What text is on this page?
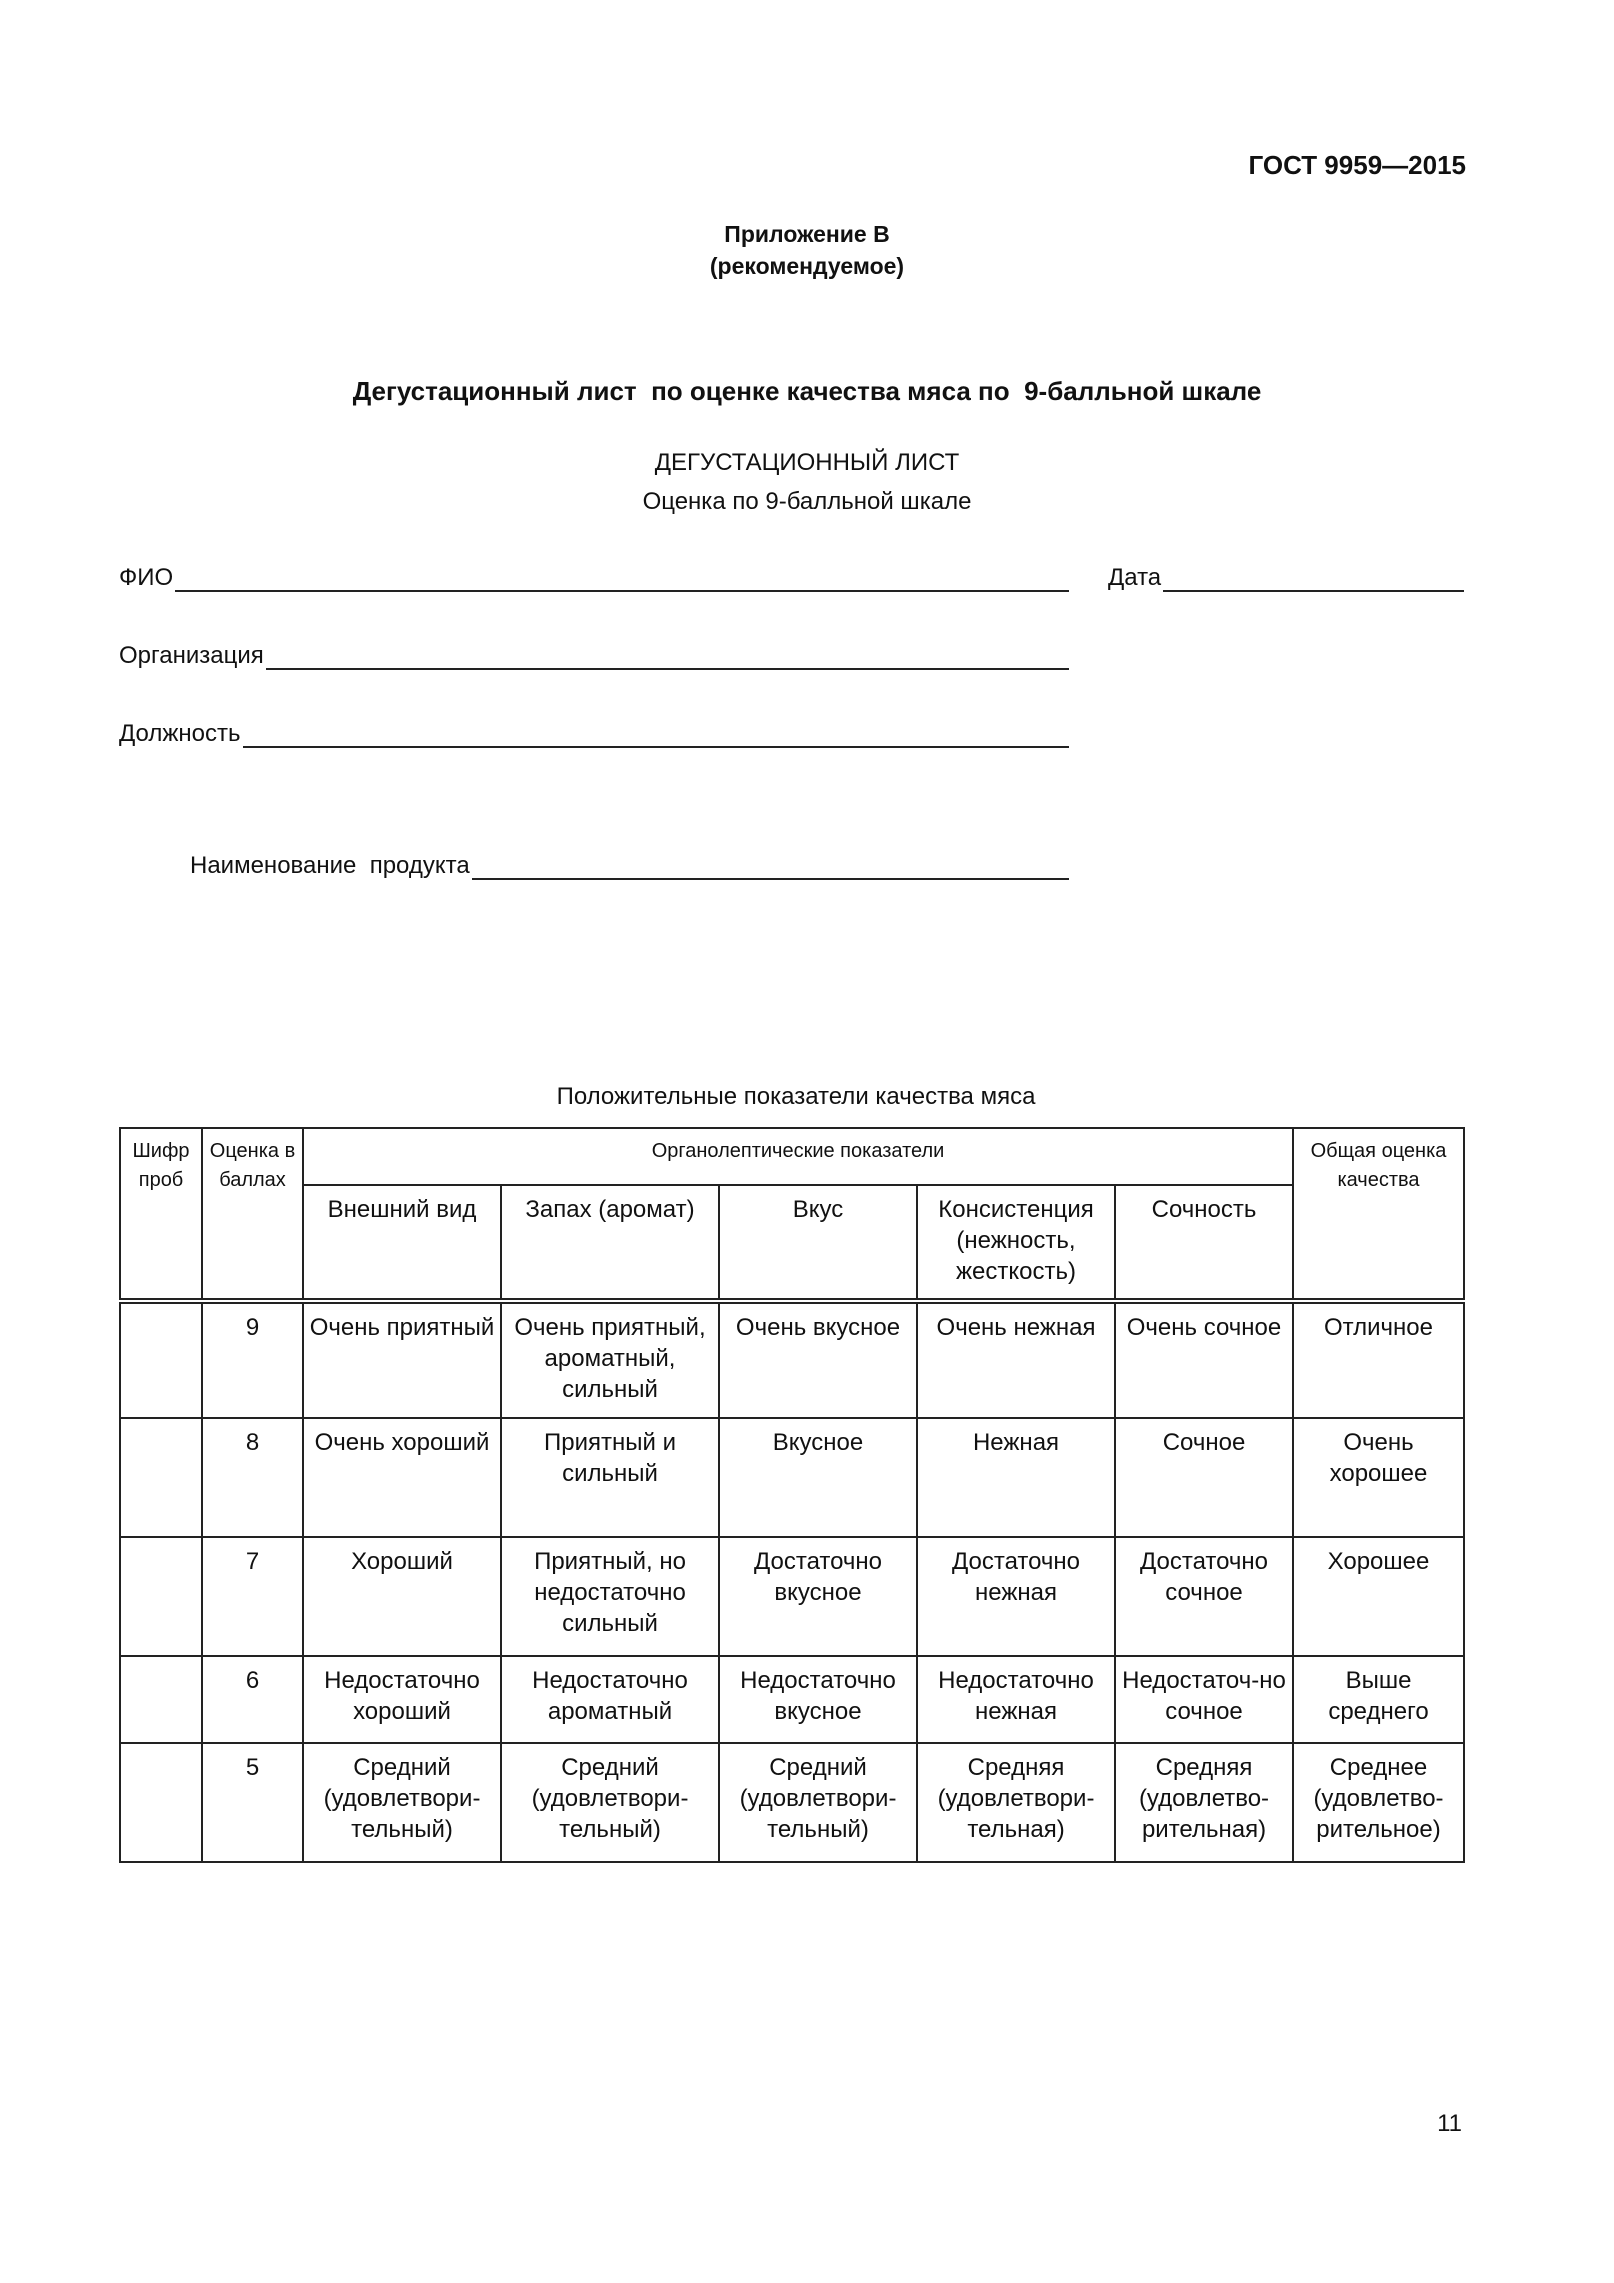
ГОСТ 9959—2015
Приложение В
(рекомендуемое)
Дегустационный лист  по оценке качества мяса по  9-балльной шкале
ДЕГУСТАЦИОННЫЙ ЛИСТ
Оценка по 9-балльной шкале
ФИО	Дата
Организация
Должность
Наименование  продукта
Положительные показатели качества мяса
Шифр проб	Оценка в баллах	Органолептические показатели					Общая оценка качества
		Внешний вид	Запах (аромат)	Вкус	Консистенция (нежность, жесткость)	Сочность	
	9	Очень приятный	Очень приятный, ароматный, сильный	Очень вкусное	Очень нежная	Очень сочное	Отличное
	8	Очень хороший	Приятный и сильный	Вкусное	Нежная	Сочное	Очень хорошее
	7	Хороший	Приятный, но недостаточно сильный	Достаточно вкусное	Достаточно нежная	Достаточно сочное	Хорошее
	6	Недостаточно хороший	Недостаточно ароматный	Недостаточно вкусное	Недостаточно нежная	Недостаточ-но сочное	Выше среднего
	5	Средний (удовлетвори-тельный)	Средний (удовлетвори-тельный)	Средний (удовлетвори-тельный)	Средняя (удовлетвори-тельная)	Средняя (удовлетво-рительная)	Среднее (удовлетво-рительное)
11
